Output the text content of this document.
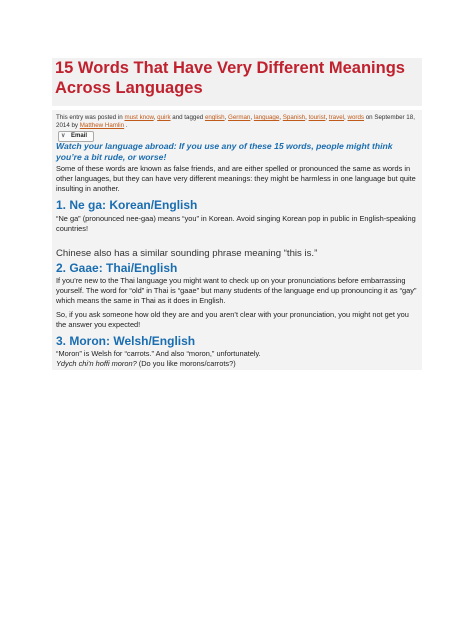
15 Words That Have Very Different Meanings Across Languages
This entry was posted in must know, quirk and tagged english, German, language, Spanish, tourist, travel, words on September 18, 2014 by Matthew Hamlin .
∨ Email
Watch your language abroad: If you use any of these 15 words, people might think you’re a bit rude, or worse!
Some of these words are known as false friends, and are either spelled or pronounced the same as words in other languages, but they can have very different meanings: they might be harmless in one language but quite insulting in another.
1. Ne ga: Korean/English
“Ne ga” (pronounced nee-gaa) means “you” in Korean. Avoid singing Korean pop in public in English-speaking countries!
Chinese also has a similar sounding phrase meaning “this is.”
2. Gaae: Thai/English
If you’re new to the Thai language you might want to check up on your pronunciations before embarrassing yourself. The word for “old” in Thai is “gaae” but many students of the language end up pronouncing it as “gay” which means the same in Thai as it does in English.
So, if you ask someone how old they are and you aren’t clear with your pronunciation, you might not get you the answer you expected!
3. Moron: Welsh/English
“Moron” is Welsh for “carrots.” And also “moron,” unfortunately.
Ydych chi'n hoffi moron? (Do you like morons/carrots?)
